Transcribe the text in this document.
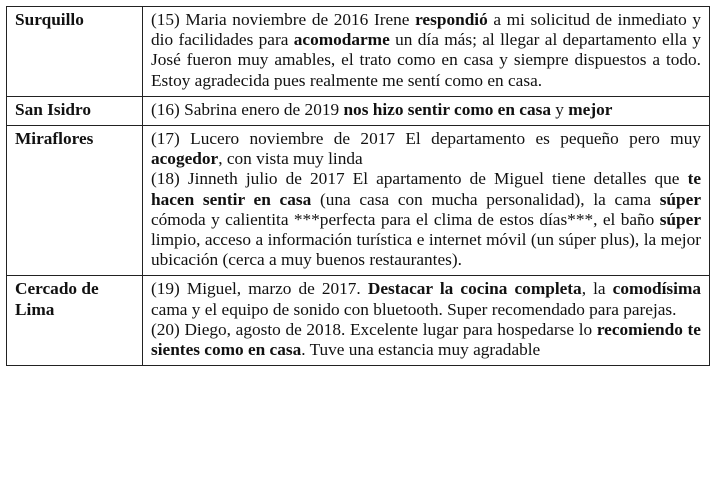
Surquillo	(15) Maria noviembre de 2016 Irene respondió a mi solicitud de inmediato y dio facilidades para acomodarme un día más; al llegar al departamento ella y José fueron muy amables, el trato como en casa y siempre dispuestos a todo. Estoy agradecida pues realmente me sentí como en casa.

San Isidro	(16) Sabrina enero de 2019 nos hizo sentir como en casa y mejor

Miraflores	(17) Lucero noviembre de 2017 El departamento es pequeño pero muy acogedor, con vista muy linda
(18) Jinneth julio de 2017 El apartamento de Miguel tiene detalles que te hacen sentir en casa (una casa con mucha personalidad), la cama súper cómoda y calientita ***perfecta para el clima de estos días***, el baño súper limpio, acceso a información turística e internet móvil (un súper plus), la mejor ubicación (cerca a muy buenos restaurantes).

Cercado de Lima	(19) Miguel, marzo de 2017. Destacar la cocina completa, la comodísima cama y el equipo de sonido con bluetooth. Super recomendado para parejas.
(20) Diego, agosto de 2018. Excelente lugar para hospedarse lo recomiendo te sientes como en casa. Tuve una estancia muy agradable
